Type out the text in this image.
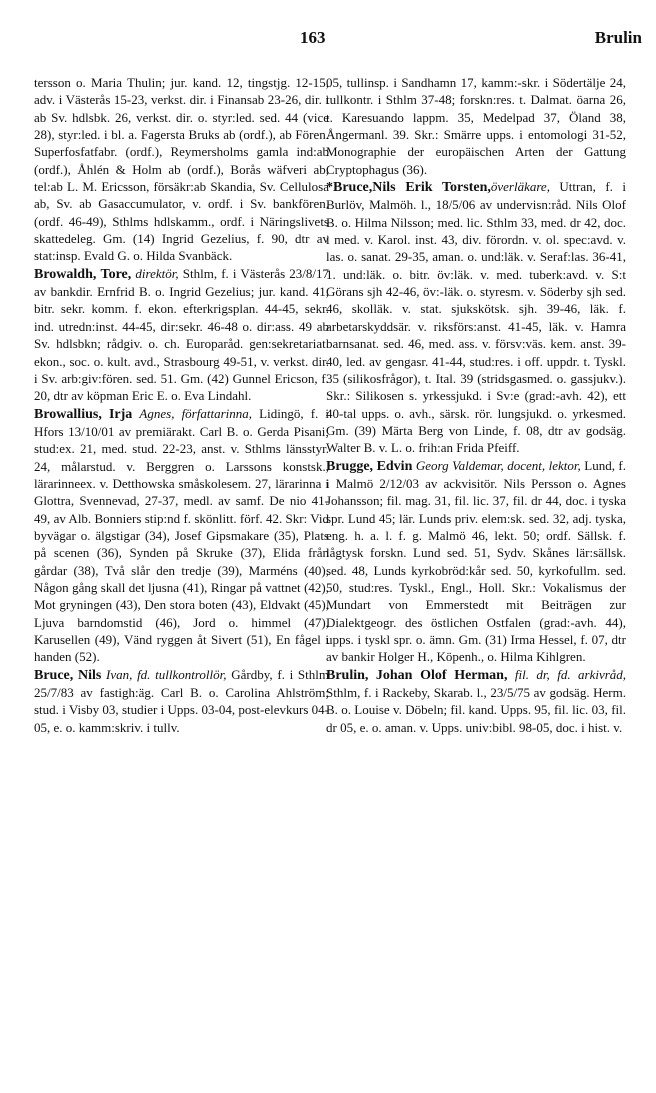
163	Brulin

tersson o. Maria Thulin; jur. kand. 12, tingstjg. 12-15, adv. i Västerås 15-23, verkst. dir. i Finansab 23-26, dir. i ab Sv. hdlsbk. 26, verkst. dir. o. styr:led. sed. 44 (vice 28), styr:led. i bl. a. Fagersta Bruks ab (ordf.), ab Fören. Superfosfatfabr. (ordf.), Reymersholms gamla ind:ab (ordf.), Åhlén & Holm ab (ordf.), Borås wäfveri ab, tel:ab L. M. Ericsson, försäkr:ab Skandia, Sv. Cellulosa ab, Sv. ab Gasaccumulator, v. ordf. i Sv. bankfören. (ordf. 46-49), Sthlms hdlskamm., ordf. i Näringslivets skattedeleg. Gm. (14) Ingrid Gezelius, f. 90, dtr av stat:insp. Evald G. o. Hilda Svanbäck.

Browaldh, Tore, direktör, Sthlm, f. i Västerås 23/8/17 av bankdir. Ernfrid B. o. Ingrid Gezelius; jur. kand. 41, bitr. sekr. komm. f. ekon. efterkrigsplan. 44-45, sekr. ind. utredn:inst. 44-45, dir:sekr. 46-48 o. dir:ass. 49 ab Sv. hdlsbkn; rådgiv. o. ch. Europaråd. gen:sekretariat. ekon., soc. o. kult. avd., Strasbourg 49-51, v. verkst. dir. i Sv. arb:giv:fören. sed. 51. Gm. (42) Gunnel Ericson, f. 20, dtr av köpman Eric E. o. Eva Lindahl.

Browallius, Irja Agnes, författarinna, Lidingö, f. i Hfors 13/10/01 av premiärakt. Carl B. o. Gerda Pisani; stud:ex. 21, med. stud. 22-23, anst. v. Sthlms länsstyr. 24, målarstud. v. Berggren o. Larssons konstsk., lärarinneex. v. Detthowska småskolesem. 27, lärarinna i Glottra, Svennevad, 27-37, medl. av samf. De nio 41-49, av Alb. Bonniers stip:nd f. skönlitt. förf. 42. Skr: Vid byvägar o. älgstigar (34), Josef Gipsmakare (35), Plats på scenen (36), Synden på Skruke (37), Elida från gårdar (38), Två slår den tredje (39), Marméns (40), Någon gång skall det ljusna (41), Ringar på vattnet (42), Mot gryningen (43), Den stora boten (43), Eldvakt (45), Ljuva barndomstid (46), Jord o. himmel (47), Karusellen (49), Vänd ryggen åt Sivert (51), En fågel i handen (52).

Bruce, Nils Ivan, fd. tullkontrollör, Gårdby, f. i Sthlm 25/7/83 av fastigh:äg. Carl B. o. Carolina Ahlström; stud. i Visby 03, studier i Upps. 03-04, post-elevkurs 04-05, e. o. kamm:skriv. i tullv.

05, tullinsp. i Sandhamn 17, kamm:-skr. i Södertälje 24, tullkontr. i Sthlm 37-48; forskn:res. t. Dalmat. öarna 26, t. Karesuando lappm. 35, Medelpad 37, Öland 38, Ångermanl. 39. Skr.: Smärre upps. i entomologi 31-52, Monographie der europäischen Arten der Gattung Cryptophagus (36).

*Bruce,Nils Erik Torsten,överläkare, Uttran, f. i Burlöv, Malmöh. l., 18/5/06 av undervisn:råd. Nils Olof B. o. Hilma Nilsson; med. lic. Sthlm 33, med. dr 42, doc. i med. v. Karol. inst. 43, div. förordn. v. ol. spec:avd. v. las. o. sanat. 29-35, aman. o. und:läk. v. Seraf:las. 36-41, 1. und:läk. o. bitr. öv:läk. v. med. tuberk:avd. v. S:t Görans sjh 42-46, öv:-läk. o. styresm. v. Söderby sjh sed. 46, skolläk. v. stat. sjukskötsk. sjh. 39-46, läk. f. arbetarskyddsär. v. riksförs:anst. 41-45, läk. v. Hamra barnsanat. sed. 46, med. ass. v. försv:väs. kem. anst. 39-40, led. av gengasr. 41-44, stud:res. i off. uppdr. t. Tyskl. 35 (silikosfrågor), t. Ital. 39 (stridsgasmed. o. gassjukv.). Skr.: Silikosen s. yrkessjukd. i Sv:e (grad:-avh. 42), ett 40-tal upps. o. avh., särsk. rör. lungsjukd. o. yrkesmed. Gm. (39) Märta Berg von Linde, f. 08, dtr av godsäg. Walter B. v. L. o. frih:an Frida Pfeiff.

Brugge, Edvin Georg Valdemar, docent, lektor, Lund, f. i Malmö 2/12/03 av ackvisitör. Nils Persson o. Agnes Johansson; fil. mag. 31, fil. lic. 37, fil. dr 44, doc. i tyska spr. Lund 45; lär. Lunds priv. elem:sk. sed. 32, adj. tyska, eng. h. a. l. f. g. Malmö 46, lekt. 50; ordf. Sällsk. f. lågtysk forskn. Lund sed. 51, Sydv. Skånes lär:sällsk. sed. 48, Lunds kyrkobröd:kår sed. 50, kyrkofullm. sed. 50, stud:res. Tyskl., Engl., Holl. Skr.: Vokalismus der Mundart von Emmerstedt mit Beiträgen zur Dialektgeogr. des östlichen Ostfalen (grad:-avh. 44), upps. i tyskl spr. o. ämn. Gm. (31) Irma Hessel, f. 07, dtr av bankir Holger H., Köpenh., o. Hilma Kihlgren.

Brulin, Johan Olof Herman, fil. dr, fd. arkivråd, Sthlm, f. i Rackeby, Skarab. l., 23/5/75 av godsäg. Herm. B. o. Louise v. Döbeln; fil. kand. Upps. 95, fil. lic. 03, fil. dr 05, e. o. aman. v. Upps. univ:bibl. 98-05, doc. i hist. v.
